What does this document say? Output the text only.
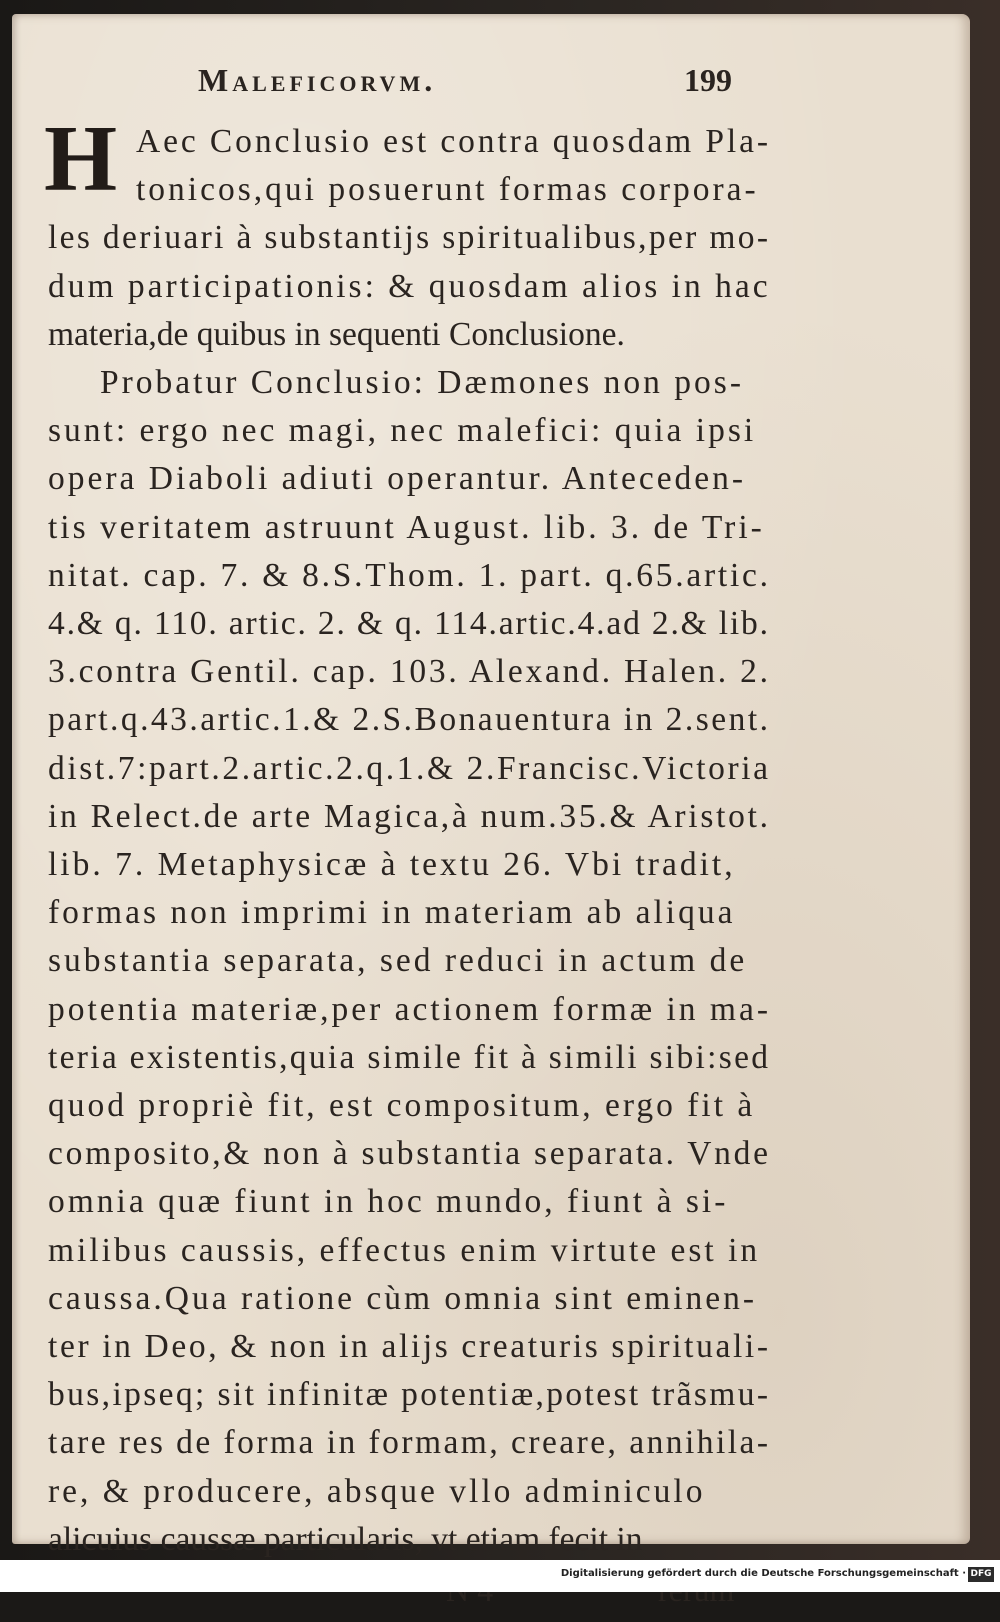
Maleficorvm.	199
H Aec Conclusio est contra quosdam Pla-
tonicos,qui posuerunt formas corpora-
les deriuari à substantijs spiritualibus,per mo-
dum participationis: & quosdam alios in hac
materia,de quibus in sequenti Conclusione.

Probatur Conclusio: Dæmones non pos-
sunt: ergo nec magi, nec malefici: quia ipsi
opera Diaboli adiuti operantur. Anteceden-
tis veritatem astruunt August. lib. 3. de Tri-
nitat. cap. 7. & 8.S.Thom. 1. part. q.65.artic.
4.& q. 110. artic. 2. & q. 114.artic.4.ad 2.& lib.
3.contra Gentil. cap. 103. Alexand. Halen. 2.
part.q.43.artic.1.& 2.S.Bonauentura in 2.sent.
dist.7:part.2.artic.2.q.1.& 2.Francisc.Victoria
in Relect.de arte Magica,à num.35.& Aristot.
lib. 7. Metaphysicæ à textu 26. Vbi tradit,
formas non imprimi in materiam ab aliqua
substantia separata, sed reduci in actum de
potentia materiæ,per actionem formæ in ma-
teria existentis,quia simile fit à simili sibi:sed
quod propriè fit, est compositum, ergo fit à
composito,& non à substantia separata. Vnde
omnia quæ fiunt in hoc mundo, fiunt à si-
milibus caussis, effectus enim virtute est in
caussa.Qua ratione cùm omnia sint eminen-
ter in Deo, & non in alijs creaturis spirituali-
bus,ipseq; sit infinitæ potentiæ,potest trãsmu-
tare res de forma in formam, creare, annihila-
re, & producere, absque vllo adminiculo
alicuius caussæ particularis, vt etiam fecit in

Digitalisierung gefördert durch die Deutsche Forschungsgemeinschaft · DFG
